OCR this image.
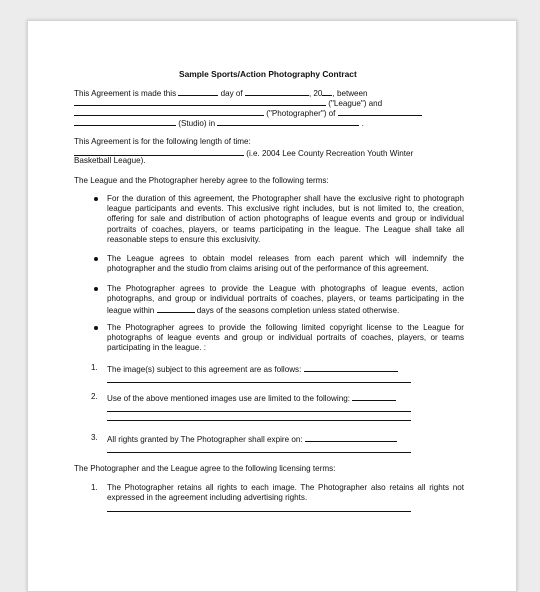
Sample Sports/Action Photography Contract
This Agreement is made this	day of	, 20 , between
("League") and
("Photographer") of
(Studio) in	.
This Agreement is for the following length of time:
(i.e. 2004 Lee County Recreation Youth Winter
Basketball League).
The League and the Photographer hereby agree to the following terms:
For the duration of this agreement, the Photographer shall have the exclusive right to photograph league participants and events. This exclusive right includes, but is not limited to, the creation, offering for sale and distribution of action photographs of league events and group or individual portraits of coaches, players, or teams participating in the league. The League shall take all reasonable steps to ensure this exclusivity.
The League agrees to obtain model releases from each parent which will indemnify the photographer and the studio from claims arising out of the performance of this agreement.
The Photographer agrees to provide the League with photographs of league events, action photographs, and group or individual portraits of coaches, players, or teams participating in the league within	days of the seasons completion unless stated otherwise.
The Photographer agrees to provide the following limited copyright license to the League for photographs of league events and group or individual portraits of coaches, players, or teams participating in the league. :
1. The image(s) subject to this agreement are as follows:
2. Use of the above mentioned images use are limited to the following:
3. All rights granted by The Photographer shall expire on:
The Photographer and the League agree to the following licensing terms:
1. The Photographer retains all rights to each image. The Photographer also retains all rights not expressed in the agreement including advertising rights.
